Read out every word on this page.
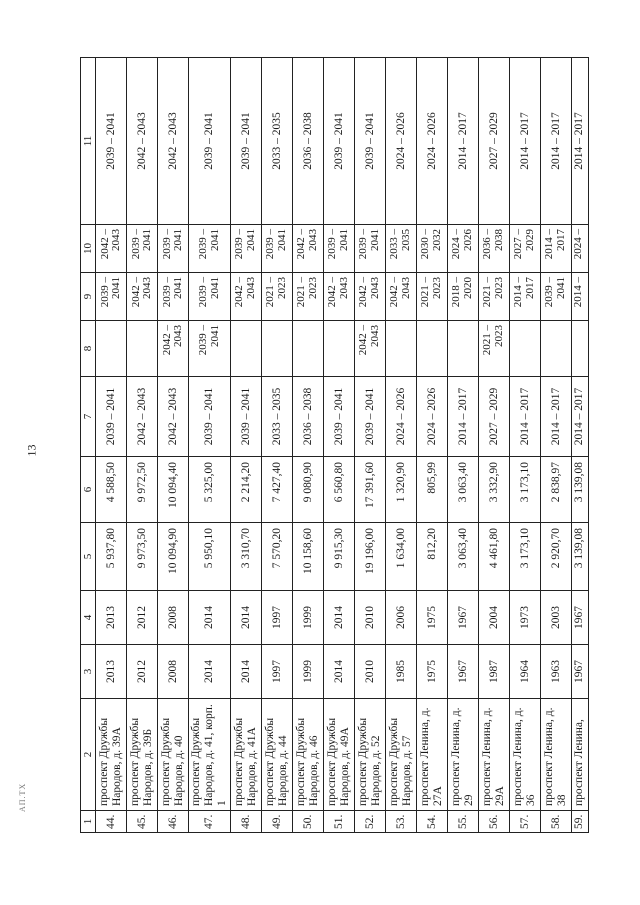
13
1	2	3	4	5	6	7	8	9	10	11
44.	проспект Дружбы Народов, д. 39А	2013	2013	5 937,80	4 588,50	2039 – 2041		2039 – 2041	2042 – 2043	2039 – 2041
45.	проспект Дружбы Народов, д. 39Б	2012	2012	9 973,50	9 972,50	2042 – 2043		2042 – 2043	2039 – 2041	2042 – 2043
46.	проспект Дружбы Народов, д. 40	2008	2008	10 094,90	10 094,40	2042 – 2043	2042 – 2043	2039 – 2041	2039 – 2041	2042 – 2043
47.	проспект Дружбы Народов, д. 41, корп. 1	2014	2014	5 950,10	5 325,00	2039 – 2041	2039 – 2041	2039 – 2041	2039 – 2041	2039 – 2041
48.	проспект Дружбы Народов, д. 41А	2014	2014	3 310,70	2 214,20	2039 – 2041		2042 – 2043	2039 – 2041	2039 – 2041
49.	проспект Дружбы Народов, д. 44	1997	1997	7 570,20	7 427,40	2033 – 2035		2021 – 2023	2039 – 2041	2033 – 2035
50.	проспект Дружбы Народов, д. 46	1999	1999	10 158,60	9 080,90	2036 – 2038		2021 – 2023	2042 – 2043	2036 – 2038
51.	проспект Дружбы Народов, д. 49А	2014	2014	9 915,30	6 560,80	2039 – 2041		2042 – 2043	2039 – 2041	2039 – 2041
52.	проспект Дружбы Народов, д. 52	2010	2010	19 196,00	17 391,60	2039 – 2041	2042 – 2043	2042 – 2043	2039 – 2041	2039 – 2041
53.	проспект Дружбы Народов, д. 57	1985	2006	1 634,00	1 320,90	2024 – 2026		2042 – 2043	2033 – 2035	2024 – 2026
54.	проспект Ленина, д. 27А	1975	1975	812,20	805,99	2024 – 2026		2021 – 2023	2030 – 2032	2024 – 2026
55.	проспект Ленина, д. 29	1967	1967	3 063,40	3 063,40	2014 – 2017		2018 – 2020	2024 – 2026	2014 – 2017
56.	проспект Ленина, д. 29А	1987	2004	4 461,80	3 332,90	2027 – 2029	2021 – 2023	2021 – 2023	2036 – 2038	2027 – 2029
57.	проспект Ленина, д. 36	1964	1973	3 173,10	3 173,10	2014 – 2017		2014 – 2017	2027 – 2029	2014 – 2017
58.	проспект Ленина, д. 38	1963	2003	2 920,70	2 838,97	2014 – 2017		2039 – 2041	2014 – 2017	2014 – 2017
59.	проспект Ленина,	1967	1967	3 139,08	3 139,08	2014 – 2017		2014 –	2024 –	2014 – 2017
АП.ТХ
